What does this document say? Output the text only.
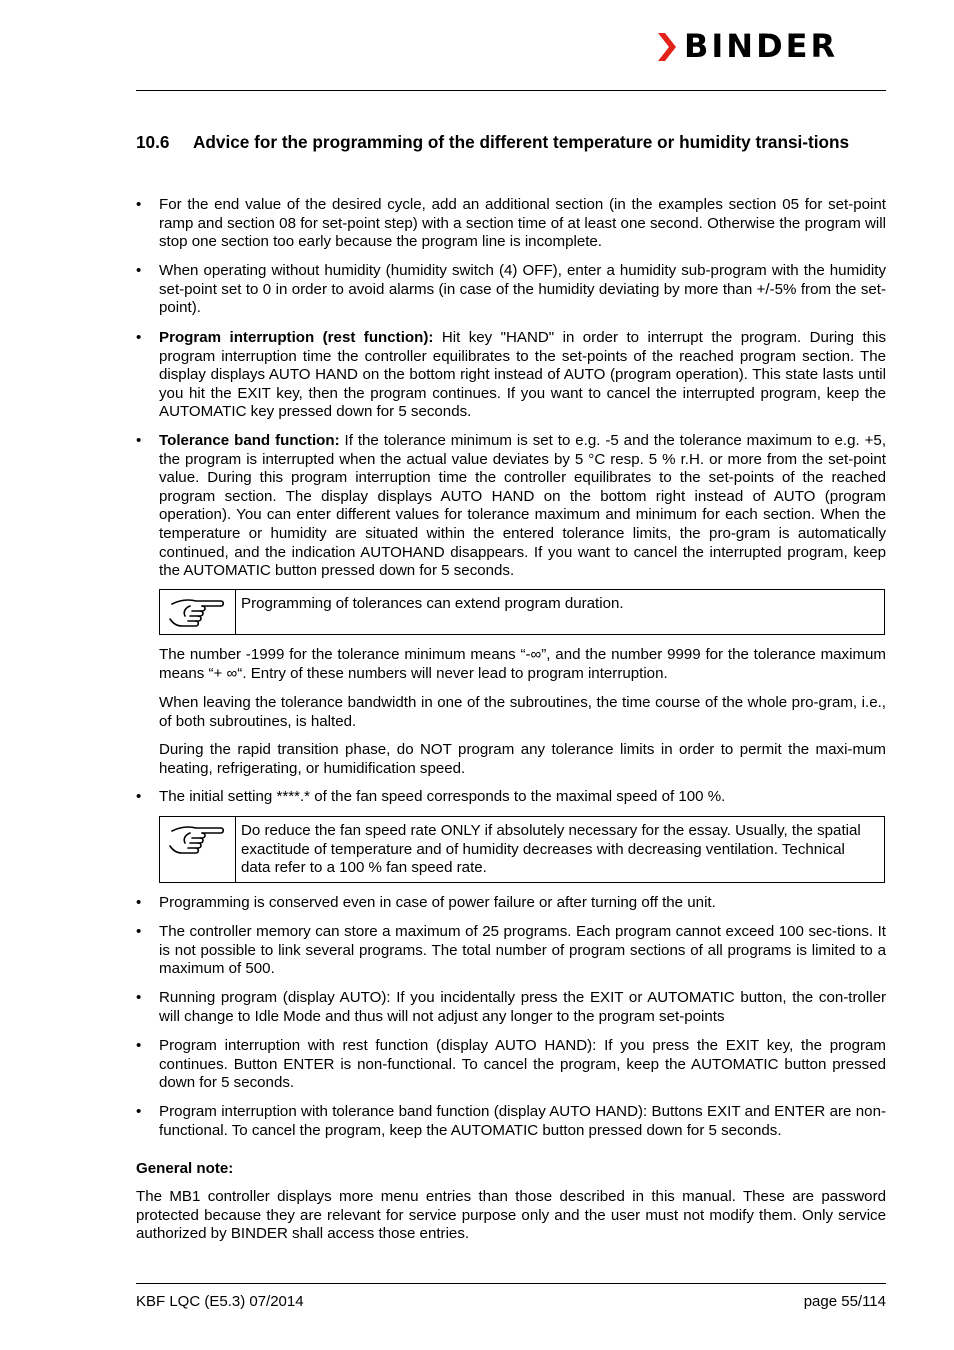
BINDER
10.6 Advice for the programming of the different temperature or humidity transi-tions
•	For the end value of the desired cycle, add an additional section (in the examples section 05 for set-point ramp and section 08 for set-point step) with a section time of at least one second. Otherwise the program will stop one section too early because the program line is incomplete.
•	When operating without humidity (humidity switch (4) OFF), enter a humidity sub-program with the humidity set-point set to 0 in order to avoid alarms (in case of the humidity deviating by more than +/-5% from the set-point).
•	Program interruption (rest function): Hit key "HAND" in order to interrupt the program. During this program interruption time the controller equilibrates to the set-points of the reached program section. The display displays AUTO HAND on the bottom right instead of AUTO (program operation). This state lasts until you hit the EXIT key, then the program continues. If you want to cancel the interrupted program, keep the AUTOMATIC key pressed down for 5 seconds.
•	Tolerance band function: If the tolerance minimum is set to e.g. -5 and the tolerance maximum to e.g. +5, the program is interrupted when the actual value deviates by 5 °C resp. 5 % r.H. or more from the set-point value. During this program interruption time the controller equilibrates to the set-points of the reached program section. The display displays AUTO HAND on the bottom right instead of AUTO (program operation). You can enter different values for tolerance maximum and minimum for each section. When the temperature or humidity are situated within the entered tolerance limits, the pro-gram is automatically continued, and the indication AUTOHAND disappears. If you want to cancel the interrupted program, keep the AUTOMATIC button pressed down for 5 seconds.
Programming of tolerances can extend program duration.
The number -1999 for the tolerance minimum means “-∞”, and the number 9999 for the tolerance maximum means “+ ∞“. Entry of these numbers will never lead to program interruption.
When leaving the tolerance bandwidth in one of the subroutines, the time course of the whole pro-gram, i.e., of both subroutines, is halted.
During the rapid transition phase, do NOT program any tolerance limits in order to permit the maxi-mum heating, refrigerating, or humidification speed.
•	The initial setting ****.* of the fan speed corresponds to the maximal speed of 100 %.
Do reduce the fan speed rate ONLY if absolutely necessary for the essay. Usually, the spatial exactitude of temperature and of humidity decreases with decreasing ventilation. Technical data refer to a 100 % fan speed rate.
•	Programming is conserved even in case of power failure or after turning off the unit.
•	The controller memory can store a maximum of 25 programs. Each program cannot exceed 100 sec-tions. It is not possible to link several programs. The total number of program sections of all programs is limited to a maximum of 500.
•	Running program (display AUTO): If you incidentally press the EXIT or AUTOMATIC button, the con-troller will change to Idle Mode and thus will not adjust any longer to the program set-points
•	Program interruption with rest function (display AUTO HAND): If you press the EXIT key, the program continues. Button ENTER is non-functional. To cancel the program, keep the AUTOMATIC button pressed down for 5 seconds.
•	Program interruption with tolerance band function (display AUTO HAND): Buttons EXIT and ENTER are non-functional. To cancel the program, keep the AUTOMATIC button pressed down for 5 seconds.
General note:
The MB1 controller displays more menu entries than those described in this manual. These are password protected because they are relevant for service purpose only and the user must not modify them. Only service authorized by BINDER shall access those entries.
KBF LQC (E5.3) 07/2014	page 55/114
